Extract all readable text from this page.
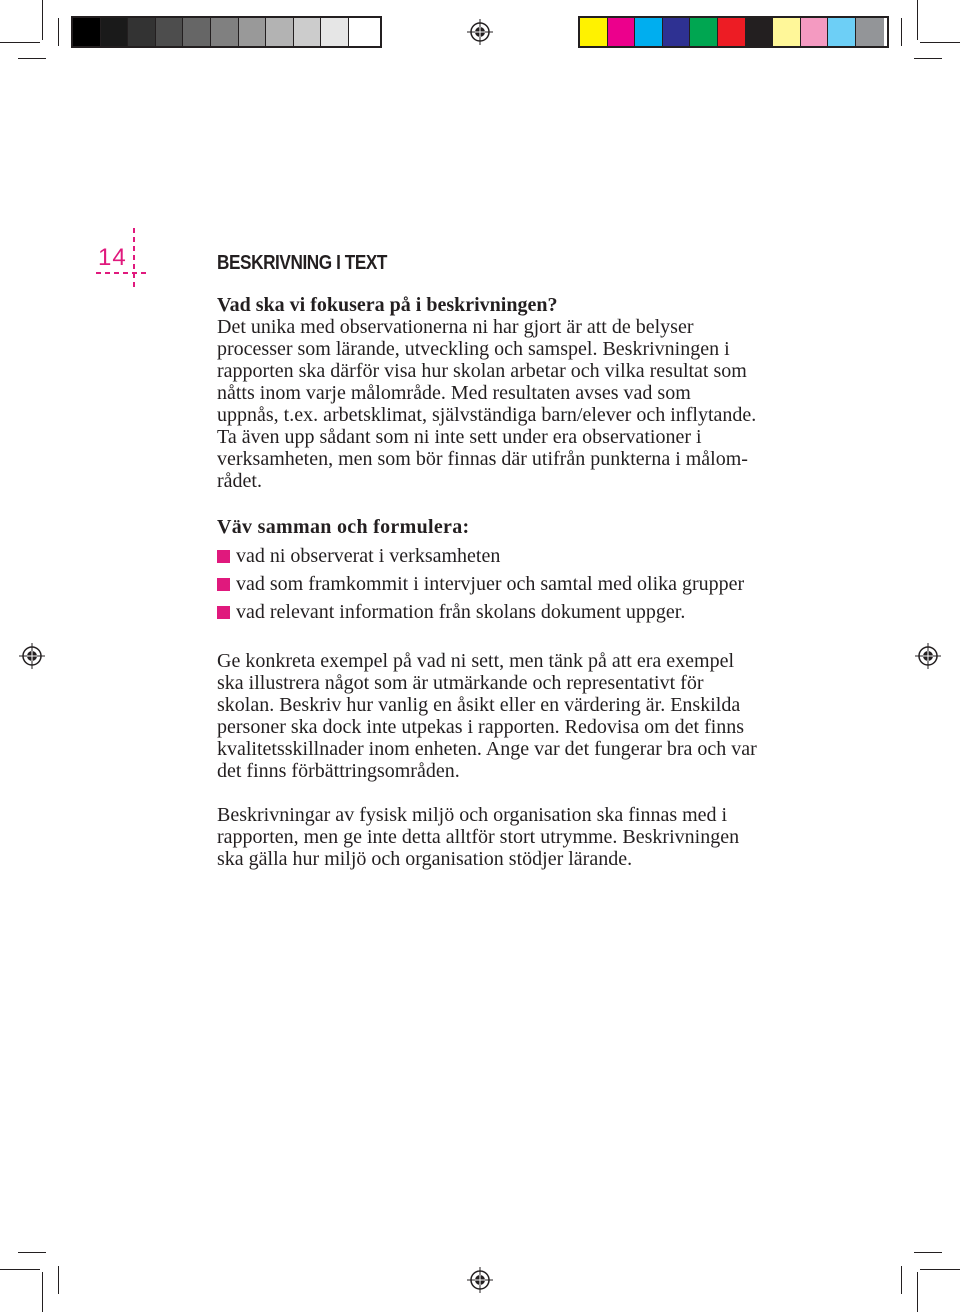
14	BESKRIVNING I TEXT
Vad ska vi fokusera på i beskrivningen?

Det unika med observationerna ni har gjort är att de belyser

processer som lärande, utveckling och samspel. Beskrivningen i

rapporten ska därför visa hur skolan arbetar och vilka resultat som

nåtts inom varje målområde. Med resultaten avses vad som

uppnås, t.ex. arbetsklimat, självständiga barn/elever och inflytande.

Ta även upp sådant som ni inte sett under era observationer i

verksamheten, men som bör finnas där utifrån punkterna i målom-

rådet.

Väv samman och formulera:
vad ni observerat i verksamheten
vad som framkommit i intervjuer och samtal med olika grupper
vad relevant information från skolans dokument uppger.

Ge konkreta exempel på vad ni sett, men tänk på att era exempel

ska illustrera något som är utmärkande och representativt för

skolan. Beskriv hur vanlig en åsikt eller en värdering är. Enskilda

personer ska dock inte utpekas i rapporten. Redovisa om det finns

kvalitetsskillnader inom enheten. Ange var det fungerar bra och var

det finns förbättringsområden.

Beskrivningar av fysisk miljö och organisation ska finnas med i

rapporten, men ge inte detta alltför stort utrymme. Beskrivningen

ska gälla hur miljö och organisation stödjer lärande.
